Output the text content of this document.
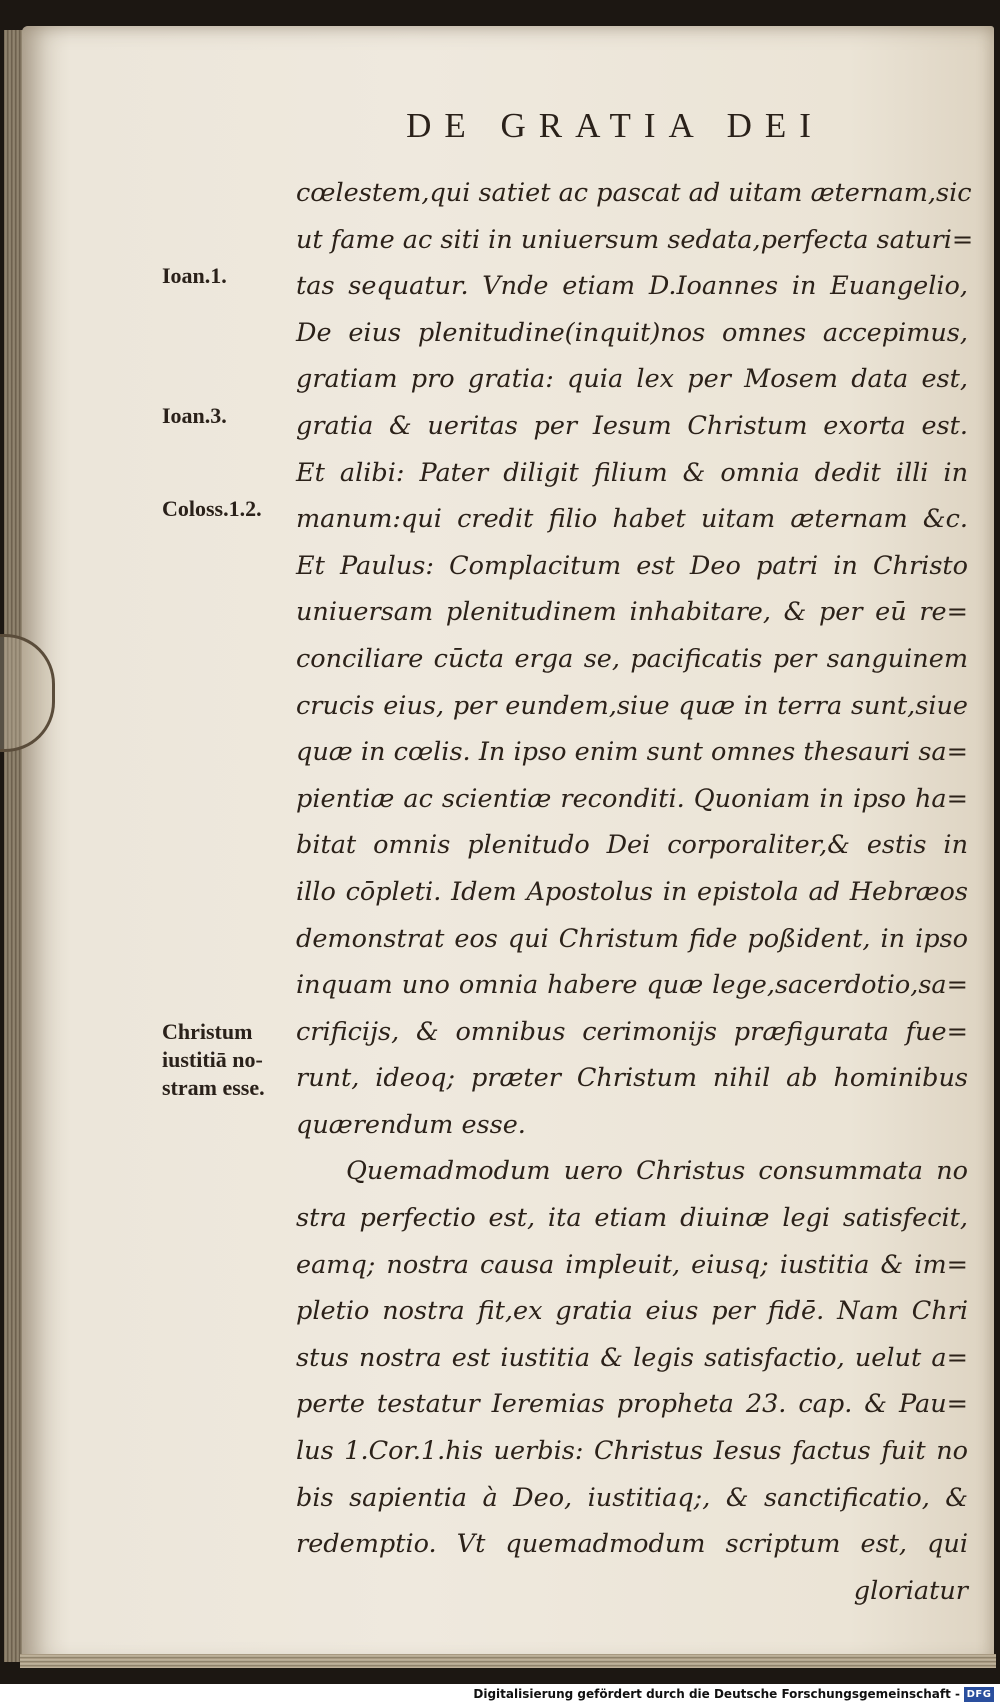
DE GRATIA DEI
Ioan.1.
Ioan.3.
Coloss.1.2.
Christum
iustitiā no-
stram esse.
cœlestem,qui satiet ac pascat ad uitam æternam,sic
ut fame ac siti in uniuersum sedata,perfecta saturi=
tas sequatur. Vnde etiam D.Ioannes in Euangelio,
De eius plenitudine(inquit)nos omnes accepimus,
gratiam pro gratia: quia lex per Mosem data est,
gratia & ueritas per Iesum Christum exorta est.
Et alibi: Pater diligit filium & omnia dedit illi in
manum:qui credit filio habet uitam æternam &c.
Et Paulus: Complacitum est Deo patri in Christo
uniuersam plenitudinem inhabitare, & per eū re=
conciliare cūcta erga se, pacificatis per sanguinem
crucis eius, per eundem,siue quæ in terra sunt,siue
quæ in cœlis. In ipso enim sunt omnes thesauri sa=
pientiæ ac scientiæ reconditi. Quoniam in ipso ha=
bitat omnis plenitudo Dei corporaliter,& estis in
illo cōpleti. Idem Apostolus in epistola ad Hebræos
demonstrat eos qui Christum fide poßident, in ipso
inquam uno omnia habere quæ lege,sacerdotio,sa=
crificijs, & omnibus cerimonijs præfigurata fue=
runt, ideoq; præter Christum nihil ab hominibus
quærendum esse.
Quemadmodum uero Christus consummata no
stra perfectio est, ita etiam diuinæ legi satisfecit,
eamq; nostra causa impleuit, eiusq; iustitia & im=
pletio nostra fit,ex gratia eius per fidē. Nam Chri
stus nostra est iustitia & legis satisfactio, uelut a=
perte testatur Ieremias propheta 23. cap. & Pau=
lus 1.Cor.1.his uerbis: Christus Iesus factus fuit no
bis sapientia à Deo, iustitiaq;, & sanctificatio, &
redemptio. Vt quemadmodum scriptum est, qui
gloriatur
Digitalisierung gefördert durch die Deutsche Forschungsgemeinschaft - DFG
